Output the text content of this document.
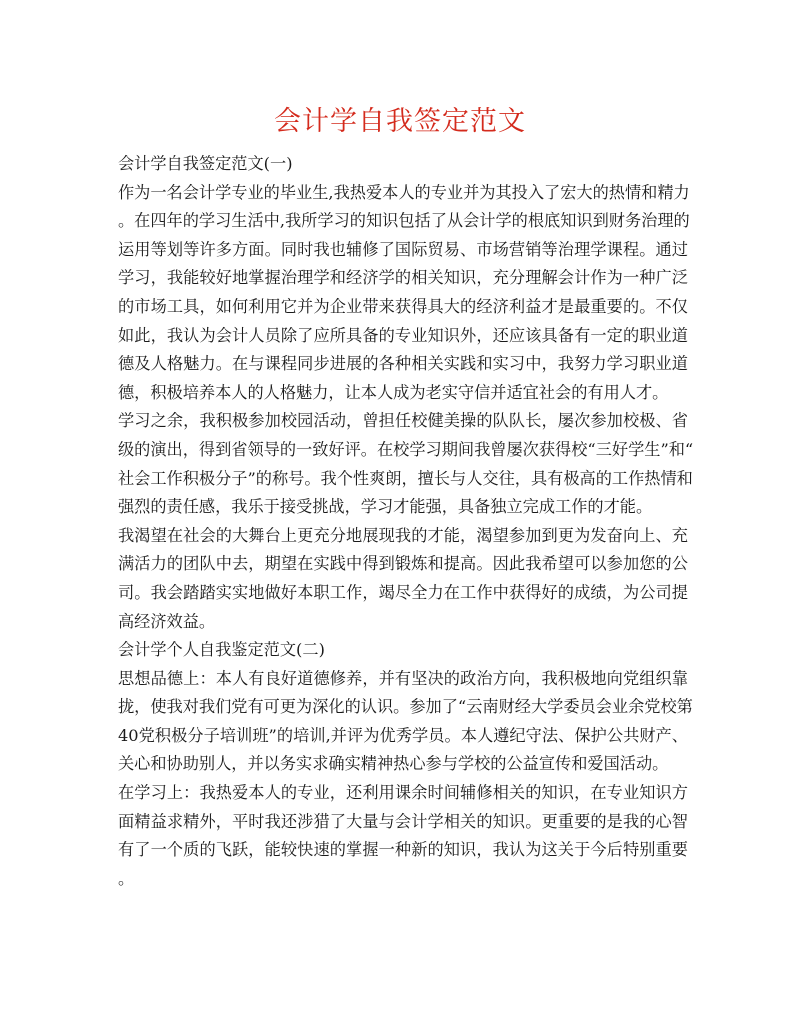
会计学自我签定范文
会计学自我签定范文(一)
作为一名会计学专业的毕业生,我热爱本人的专业并为其投入了宏大的热情和精力
。在四年的学习生活中,我所学习的知识包括了从会计学的根底知识到财务治理的
运用等划等许多方面。同时我也辅修了国际贸易、市场营销等治理学课程。通过
学习，我能较好地掌握治理学和经济学的相关知识，充分理解会计作为一种广泛
的市场工具，如何利用它并为企业带来获得具大的经济利益才是最重要的。不仅
如此，我认为会计人员除了应所具备的专业知识外，还应该具备有一定的职业道
德及人格魅力。在与课程同步进展的各种相关实践和实习中，我努力学习职业道
德，积极培养本人的人格魅力，让本人成为老实守信并适宜社会的有用人才。
学习之余，我积极参加校园活动，曾担任校健美操的队队长，屡次参加校极、省
级的演出，得到省领导的一致好评。在校学习期间我曾屡次获得校“三好学生”和“
社会工作积极分子”的称号。我个性爽朗，擅长与人交往，具有极高的工作热情和
强烈的责任感，我乐于接受挑战，学习才能强，具备独立完成工作的才能。
我渴望在社会的大舞台上更充分地展现我的才能，渴望参加到更为发奋向上、充
满活力的团队中去，期望在实践中得到锻炼和提高。因此我希望可以参加您的公
司。我会踏踏实实地做好本职工作，竭尽全力在工作中获得好的成绩，为公司提
高经济效益。
会计学个人自我鉴定范文(二)
思想品德上：本人有良好道德修养，并有坚决的政治方向，我积极地向党组织靠
拢，使我对我们党有可更为深化的认识。参加了“云南财经大学委员会业余党校第
40党积极分子培训班”的培训,并评为优秀学员。本人遵纪守法、保护公共财产、
关心和协助别人，并以务实求确实精神热心参与学校的公益宣传和爱国活动。
在学习上：我热爱本人的专业，还利用课余时间辅修相关的知识，在专业知识方
面精益求精外，平时我还涉猎了大量与会计学相关的知识。更重要的是我的心智
有了一个质的飞跃，能较快速的掌握一种新的知识，我认为这关于今后特别重要
。
